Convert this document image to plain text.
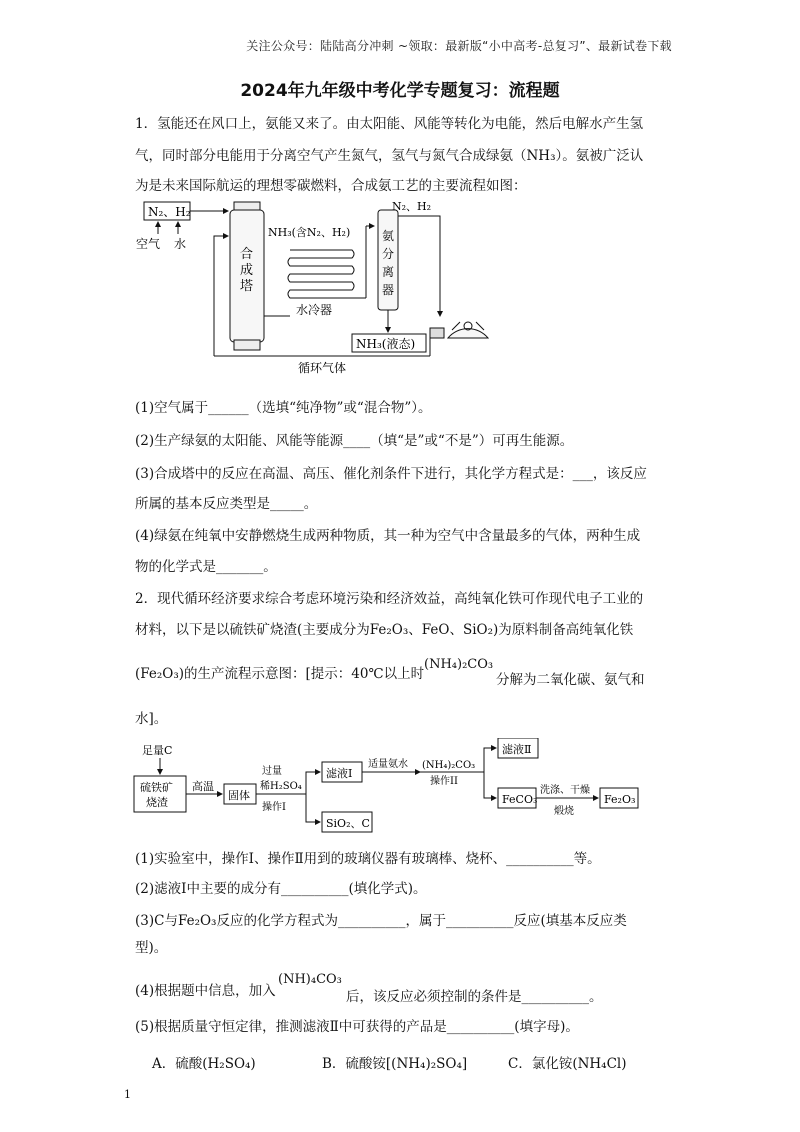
关注公众号：陆陆高分冲刺 ~领取：最新版“小中高考-总复习”、最新试卷下载
2024年九年级中考化学专题复习：流程题
1．氢能还在风口上，氨能又来了。由太阳能、风能等转化为电能，然后电解水产生氢
气，同时部分电能用于分离空气产生氮气，氢气与氮气合成绿氨（NH₃）。氨被广泛认
为是未来国际航运的理想零碳燃料，合成氨工艺的主要流程如图：
N₂、H₂
空气 水
合
成
塔
循环气体
NH₃(含N₂、H₂)
水冷器
氨
分
离
器
N₂、H₂
NH₃(液态)
(1)空气属于______（选填“纯净物”或“混合物”）。
(2)生产绿氨的太阳能、风能等能源____（填“是”或“不是”）可再生能源。
(3)合成塔中的反应在高温、高压、催化剂条件下进行，其化学方程式是：___，该反应
所属的基本反应类型是_____。
(4)绿氨在纯氧中安静燃烧生成两种物质，其一种为空气中含量最多的气体，两种生成
物的化学式是_______。
2．现代循环经济要求综合考虑环境污染和经济效益，高纯氧化铁可作现代电子工业的
材料，以下是以硫铁矿烧渣(主要成分为Fe₂O₃、FeO、SiO₂)为原料制备高纯氧化铁
(Fe₂O₃)的生产流程示意图：[提示：40℃以上时
(NH₄)₂CO₃
分解为二氧化碳、氨气和
水]。
足量C
硫铁矿
烧渣
高温
固体
过量
稀H₂SO₄
操作I
滤液Ⅰ
SiO₂、C
适量氨水 (NH₄)₂CO₃
操作II
滤液Ⅱ
FeCO₃
洗涤、干燥
煅烧
Fe₂O₃
(1)实验室中，操作Ⅰ、操作Ⅱ用到的玻璃仪器有玻璃棒、烧杯、__________等。
(2)滤液Ⅰ中主要的成分有__________(填化学式)。
(3)C与Fe₂O₃反应的化学方程式为__________，属于__________反应(填基本反应类
型)。
(4)根据题中信息，加入
(NH)₄CO₃
后，该反应必须控制的条件是__________。
(5)根据质量守恒定律，推测滤液Ⅱ中可获得的产品是__________(填字母)。
A．硫酸(H₂SO₄)	B．硫酸铵[(NH₄)₂SO₄]	C．氯化铵(NH₄Cl)
1
